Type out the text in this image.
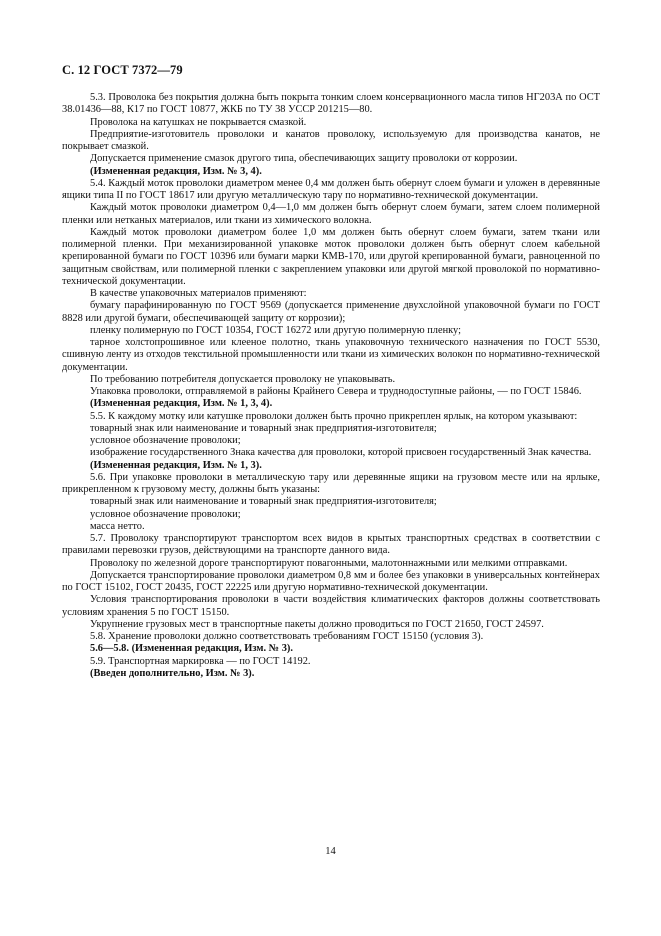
С. 12 ГОСТ 7372—79

5.3. Проволока без покрытия должна быть покрыта тонким слоем консервационного масла типов НГ203А по ОСТ 38.01436—88, К17 по ГОСТ 10877, ЖКБ по ТУ 38 УССР 201215—80.

Проволока на катушках не покрывается смазкой.

Предприятие-изготовитель проволоки и канатов проволоку, используемую для производства канатов, не покрывает смазкой.

Допускается применение смазок другого типа, обеспечивающих защиту проволоки от коррозии.

(Измененная редакция, Изм. № 3, 4).

5.4. Каждый моток проволоки диаметром менее 0,4 мм должен быть обернут слоем бумаги и уложен в деревянные ящики типа II по ГОСТ 18617 или другую металлическую тару по нормативно-технической документации.

Каждый моток проволоки диаметром 0,4—1,0 мм должен быть обернут слоем бумаги, затем слоем полимерной пленки или нетканых материалов, или ткани из химического волокна.

Каждый моток проволоки диаметром более 1,0 мм должен быть обернут слоем бумаги, затем ткани или полимерной пленки. При механизированной упаковке моток проволоки должен быть обернут слоем кабельной крепированной бумаги по ГОСТ 10396 или бумаги марки КМВ-170, или другой крепированной бумаги, равноценной по защитным свойствам, или полимерной пленки с закреплением упаковки или другой мягкой проволокой по нормативно-технической документации.

В качестве упаковочных материалов применяют:

бумагу парафинированную по ГОСТ 9569 (допускается применение двухслойной упаковочной бумаги по ГОСТ 8828 или другой бумаги, обеспечивающей защиту от коррозии);

пленку полимерную по ГОСТ 10354, ГОСТ 16272 или другую полимерную пленку;

тарное холстопрошивное или клееное полотно, ткань упаковочную технического назначения по ГОСТ 5530, сшивную ленту из отходов текстильной промышленности или ткани из химических волокон по нормативно-технической документации.

По требованию потребителя допускается проволоку не упаковывать.

Упаковка проволоки, отправляемой в районы Крайнего Севера и труднодоступные районы, — по ГОСТ 15846.

(Измененная редакция, Изм. № 1, 3, 4).

5.5. К каждому мотку или катушке проволоки должен быть прочно прикреплен ярлык, на котором указывают:

товарный знак или наименование и товарный знак предприятия-изготовителя;

условное обозначение проволоки;

изображение государственного Знака качества для проволоки, которой присвоен государственный Знак качества.

(Измененная редакция, Изм. № 1, 3).

5.6. При упаковке проволоки в металлическую тару или деревянные ящики на грузовом месте или на ярлыке, прикрепленном к грузовому месту, должны быть указаны:

товарный знак или наименование и товарный знак предприятия-изготовителя;

условное обозначение проволоки;

масса нетто.

5.7. Проволоку транспортируют транспортом всех видов в крытых транспортных средствах в соответствии с правилами перевозки грузов, действующими на транспорте данного вида.

Проволоку по железной дороге транспортируют повагонными, малотоннажными или мелкими отправками.

Допускается транспортирование проволоки диаметром 0,8 мм и более без упаковки в универсальных контейнерах по ГОСТ 15102, ГОСТ 20435, ГОСТ 22225 или другую нормативно-технической документации.

Условия транспортирования проволоки в части воздействия климатических факторов должны соответствовать условиям хранения 5 по ГОСТ 15150.

Укрупнение грузовых мест в транспортные пакеты должно проводиться по ГОСТ 21650, ГОСТ 24597.

5.8. Хранение проволоки должно соответствовать требованиям ГОСТ 15150 (условия 3).

5.6—5.8. (Измененная редакция, Изм. № 3).

5.9. Транспортная маркировка — по ГОСТ 14192.

(Введен дополнительно, Изм. № 3).

14
